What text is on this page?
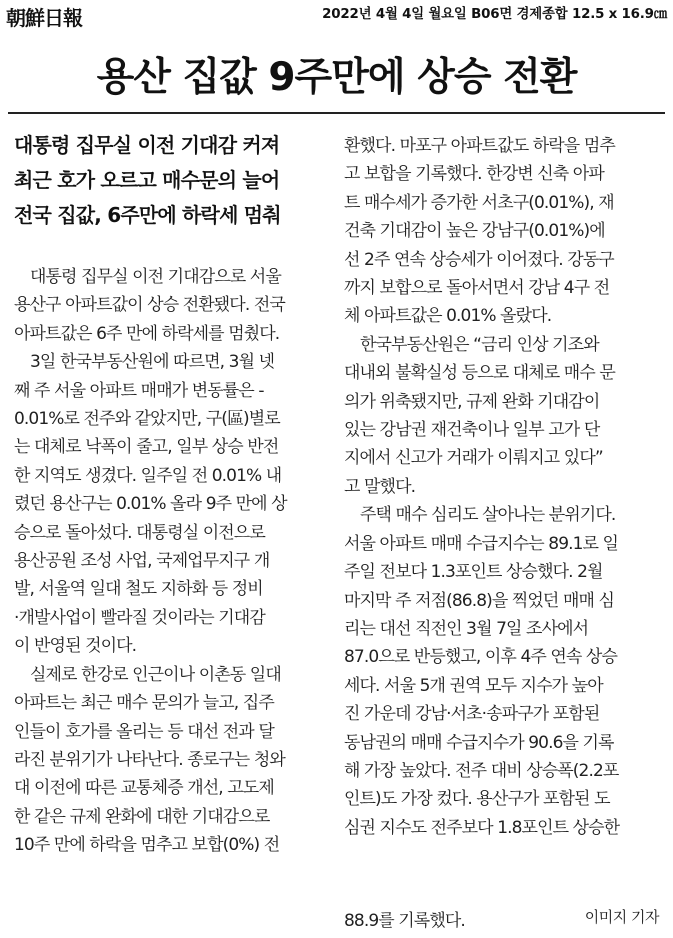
朝鮮日報	2022년 4월 4일 월요일 B06면 경제종합 12.5 x 16.9㎝
용산 집값 9주만에 상승 전환
대통령 집무실 이전 기대감 커져
최근 호가 오르고 매수문의 늘어
전국 집값, 6주만에 하락세 멈춰
대통령 집무실 이전 기대감으로 서울
용산구 아파트값이 상승 전환됐다. 전국
아파트값은 6주 만에 하락세를 멈췄다.
3일 한국부동산원에 따르면, 3월 넷
째 주 서울 아파트 매매가 변동률은 -
0.01%로 전주와 같았지만, 구(區)별로
는 대체로 낙폭이 줄고, 일부 상승 반전
한 지역도 생겼다. 일주일 전 0.01% 내
렸던 용산구는 0.01% 올라 9주 만에 상
승으로 돌아섰다. 대통령실 이전으로
용산공원 조성 사업, 국제업무지구 개
발, 서울역 일대 철도 지하화 등 정비
·개발사업이 빨라질 것이라는 기대감
이 반영된 것이다.
실제로 한강로 인근이나 이촌동 일대
아파트는 최근 매수 문의가 늘고, 집주
인들이 호가를 올리는 등 대선 전과 달
라진 분위기가 나타난다. 종로구는 청와
대 이전에 따른 교통체증 개선, 고도제
한 같은 규제 완화에 대한 기대감으로
10주 만에 하락을 멈추고 보합(0%) 전
환했다. 마포구 아파트값도 하락을 멈추
고 보합을 기록했다. 한강변 신축 아파
트 매수세가 증가한 서초구(0.01%), 재
건축 기대감이 높은 강남구(0.01%)에
선 2주 연속 상승세가 이어졌다. 강동구
까지 보합으로 돌아서면서 강남 4구 전
체 아파트값은 0.01% 올랐다.
한국부동산원은 “금리 인상 기조와
대내외 불확실성 등으로 대체로 매수 문
의가 위축됐지만, 규제 완화 기대감이
있는 강남권 재건축이나 일부 고가 단
지에서 신고가 거래가 이뤄지고 있다”
고 말했다.
주택 매수 심리도 살아나는 분위기다.
서울 아파트 매매 수급지수는 89.1로 일
주일 전보다 1.3포인트 상승했다. 2월
마지막 주 저점(86.8)을 찍었던 매매 심
리는 대선 직전인 3월 7일 조사에서
87.0으로 반등했고, 이후 4주 연속 상승
세다. 서울 5개 권역 모두 지수가 높아
진 가운데 강남·서초·송파구가 포함된
동남권의 매매 수급지수가 90.6을 기록
해 가장 높았다. 전주 대비 상승폭(2.2포
인트)도 가장 컸다. 용산구가 포함된 도
심권 지수도 전주보다 1.8포인트 상승한
88.9를 기록했다.	이미지 기자
